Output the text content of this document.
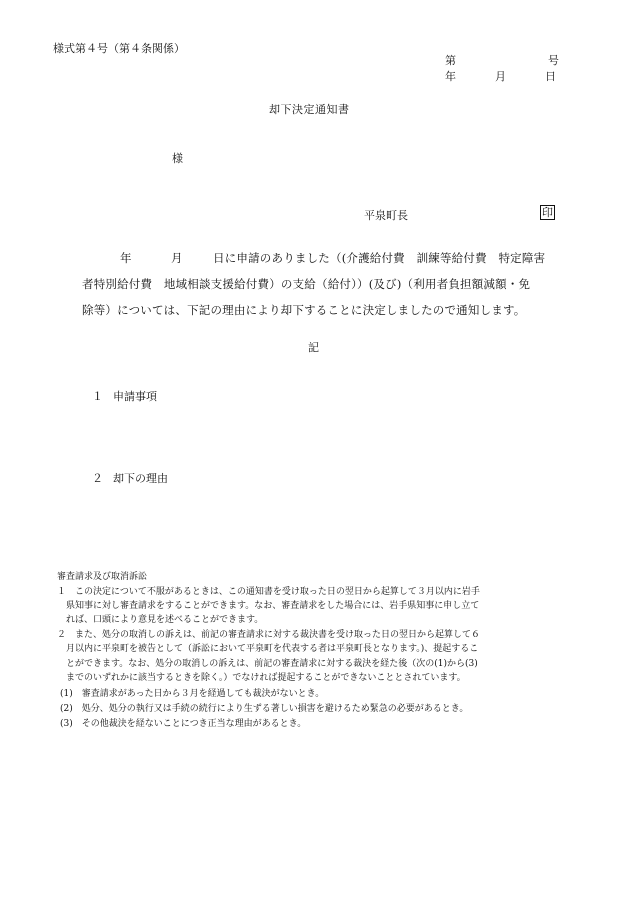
様式第４号（第４条関係）
第	号
年	月	日
却下決定通知書
様
平泉町長	印
年	月	日に申請のありました（(介護給付費　訓練等給付費　特定障害
者特別給付費　地域相談支援給付費）の支給（給付））(及び)（利用者負担額減額・免
除等）については、下記の理由により却下することに決定しましたので通知します。
記
１ 申請事項
２ 却下の理由
審査請求及び取消訴訟
１　この決定について不服があるときは、この通知書を受け取った日の翌日から起算して３月以内に岩手
　県知事に対し審査請求をすることができます。なお、審査請求をした場合には、岩手県知事に申し立て
　れば、口頭により意見を述べることができます。
２　また、処分の取消しの訴えは、前記の審査請求に対する裁決書を受け取った日の翌日から起算して６
　月以内に平泉町を被告として（訴訟において平泉町を代表する者は平泉町長となります。)、提起するこ
　とができます。なお、処分の取消しの訴えは、前記の審査請求に対する裁決を経た後（次の(1)から(3)
　までのいずれかに該当するときを除く。）でなければ提起することができないこととされています。
(1)　審査請求があった日から３月を経過しても裁決がないとき。
(2)　処分、処分の執行又は手続の続行により生ずる著しい損害を避けるため緊急の必要があるとき。
(3)　その他裁決を経ないことにつき正当な理由があるとき。
